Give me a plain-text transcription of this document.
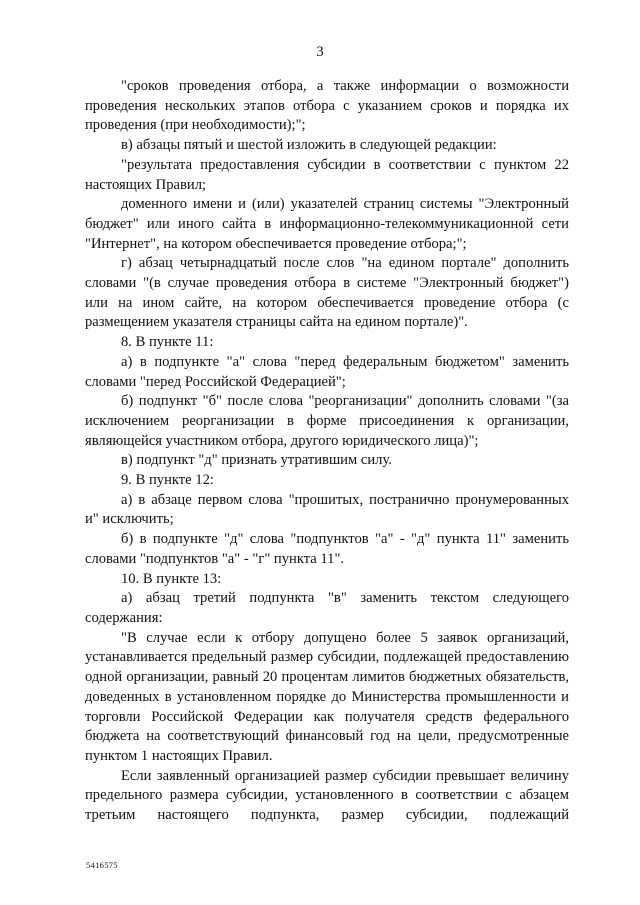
3

"сроков проведения отбора, а также информации о возможности проведения нескольких этапов отбора с указанием сроков и порядка их проведения (при необходимости);";

в) абзацы пятый и шестой изложить в следующей редакции:

"результата предоставления субсидии в соответствии с пунктом 22 настоящих Правил;

доменного имени и (или) указателей страниц системы "Электронный бюджет" или иного сайта в информационно-телекоммуникационной сети "Интернет", на котором обеспечивается проведение отбора;";

г) абзац четырнадцатый после слов "на едином портале" дополнить словами "(в случае проведения отбора в системе "Электронный бюджет") или на ином сайте, на котором обеспечивается проведение отбора (с размещением указателя страницы сайта на едином портале)".

8. В пункте 11:

а) в подпункте "а" слова "перед федеральным бюджетом" заменить словами "перед Российской Федерацией";

б) подпункт "б" после слова "реорганизации" дополнить словами "(за исключением реорганизации в форме присоединения к организации, являющейся участником отбора, другого юридического лица)";

в) подпункт "д" признать утратившим силу.

9. В пункте 12:

а) в абзаце первом слова "прошитых, постранично пронумерованных и" исключить;

б) в подпункте "д" слова "подпунктов "а" - "д" пункта 11" заменить словами "подпунктов "а" - "г" пункта 11".

10. В пункте 13:

а) абзац третий подпункта "в" заменить текстом следующего содержания:

"В случае если к отбору допущено более 5 заявок организаций, устанавливается предельный размер субсидии, подлежащей предоставлению одной организации, равный 20 процентам лимитов бюджетных обязательств, доведенных в установленном порядке до Министерства промышленности и торговли Российской Федерации как получателя средств федерального бюджета на соответствующий финансовый год на цели, предусмотренные пунктом 1 настоящих Правил.

Если заявленный организацией размер субсидии превышает величину предельного размера субсидии, установленного в соответствии с абзацем третьим настоящего подпункта, размер субсидии, подлежащий

5416575
